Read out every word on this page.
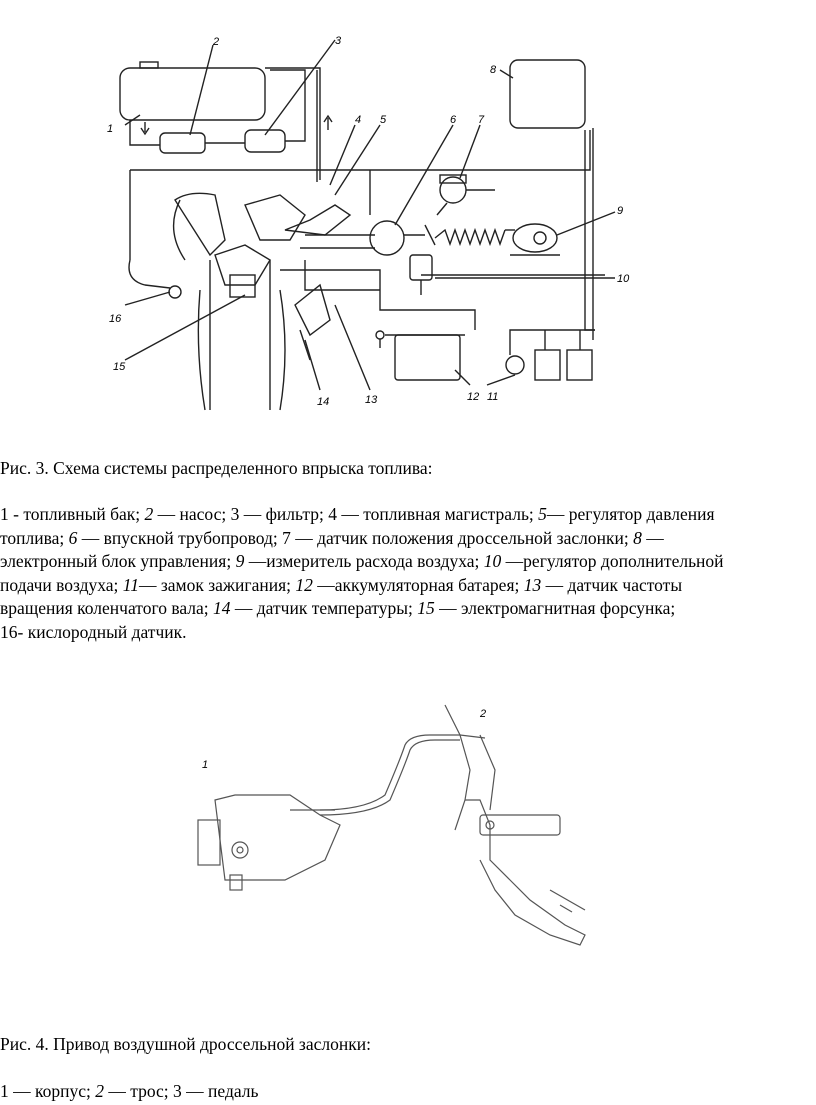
1
2	3
4 5	6 7
8
9
10
11
12
13
14
15
16
Рис. 3. Схема системы распределенного впрыска топлива:
1 - топливный бак; 2 — насос; 3 — фильтр; 4 — топливная магистраль; 5— регулятор давления
топлива; 6 — впускной трубопровод; 7 — датчик положения дроссельной заслонки; 8 —
электронный блок управления; 9 —измеритель расхода воздуха; 10 —регулятор дополнительной
подачи воздуха; 11— замок зажигания; 12 —аккумуляторная батарея; 13 — датчик частоты
вращения коленчатого вала; 14 — датчик температуры; 15 — электромагнитная форсунка;
16- кислородный датчик.
1
2
Рис. 4. Привод воздушной дроссельной заслонки:
1 — корпус; 2 — трос; 3 — педаль
